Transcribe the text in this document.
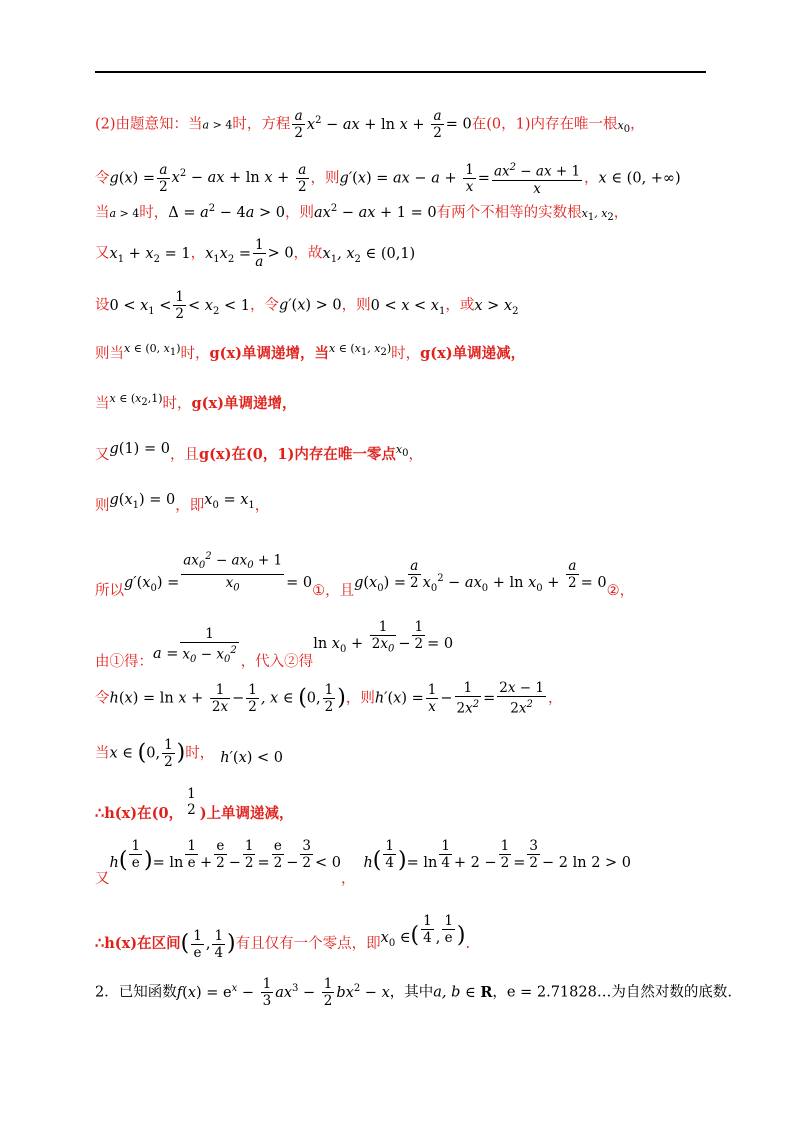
(2)由题意知：当a > 4时，方程 $\frac{a}{2} x^2$ − ax + $\ln x + \frac{a}{2} = 0$在(0，1)内存在唯一根$x_0$，
令$g(x) = \frac{a}{2} x^2$ − ax + $\ln x + \frac{a}{2}$ ，则g′(x) = ax − $a + \frac{1}{x} = \frac{ax^2 - ax + 1}{x}$ ，x ∈ (0, +∞)
当a > 4时，$\Delta = a^2 - 4a > 0$，则$ax^2$ − ax + 1 = 0有两个不相等的实数根$x_1$, $x_2$，
又$x_1 + x_2 = 1$，$x_1x_2 = \frac{1}{a} > 0$，故$x_1$, $x_2$ ∈ (0,1)
设$0 < x_1 < \frac{1}{2} < x_2 < 1$，令g′(x) > 0，则$0 < x < x_1$，或$x > x_2$
则当$^{x \in (0, x_1)}$时，g(x)单调递增，当$^{x \in (x_1, x_2)}$时，g(x)单调递减，
当$^{x \in (x_2,1)}$时，g(x)单调递增，
又g(1) = 0，且g(x)在(0，1)内存在唯一零点$^{x_0}$，
则$g(x_1) = 0$，即$x_0 = x_1$，
所以$g'(x_0) = \frac{ax_0^2 - ax_0 + 1}{x_0}$ = 0①，且$g(x_0) = \frac{a}{2} x_0^2 - ax_0 + \ln x_0 + \frac{a}{2}$ = 0②，
由①得：$a = \frac{1}{x_0 - x_0^2}$ ，代入②得$\ln x_0 + \frac{1}{2x_0} - \frac{1}{2} = 0$
令$h(x) = \ln x + \frac{1}{2x} - \frac{1}{2}$ , x ∈ (0, $\frac{1}{2}$ )，则$h'(x) = \frac{1}{x} - \frac{1}{2x^2} = \frac{2x - 1}{2x^2}$ ，
当x ∈ (0, $\frac{1}{2}$ )时， h′(x) < 0
∴h(x)在(0，
1
2 )上单调递减，
又$h( \frac{1}{e}$ )= $\ln \frac{1}{e} + \frac{e}{2} - \frac{1}{2} = \frac{e}{2} - \frac{3}{2} < 0$，$h( \frac{1}{4}$ )= $\ln \frac{1}{4} + 2 - \frac{1}{2} = \frac{3}{2} - 2$ ln 2 > 0
∴h(x)在区间( $\frac{1}{e}$ , $\frac{1}{4}$ )有且仅有一个零点，即$x_0$ ∈( $\frac{1}{4}$ , $\frac{1}{e}$ ).
2．已知函数$f(x) = e^x - \frac{1}{3} ax^3 - \frac{1}{2} bx^2 - x$，其中a, b ∈ R，e = 2.71828…为自然对数的底数.
